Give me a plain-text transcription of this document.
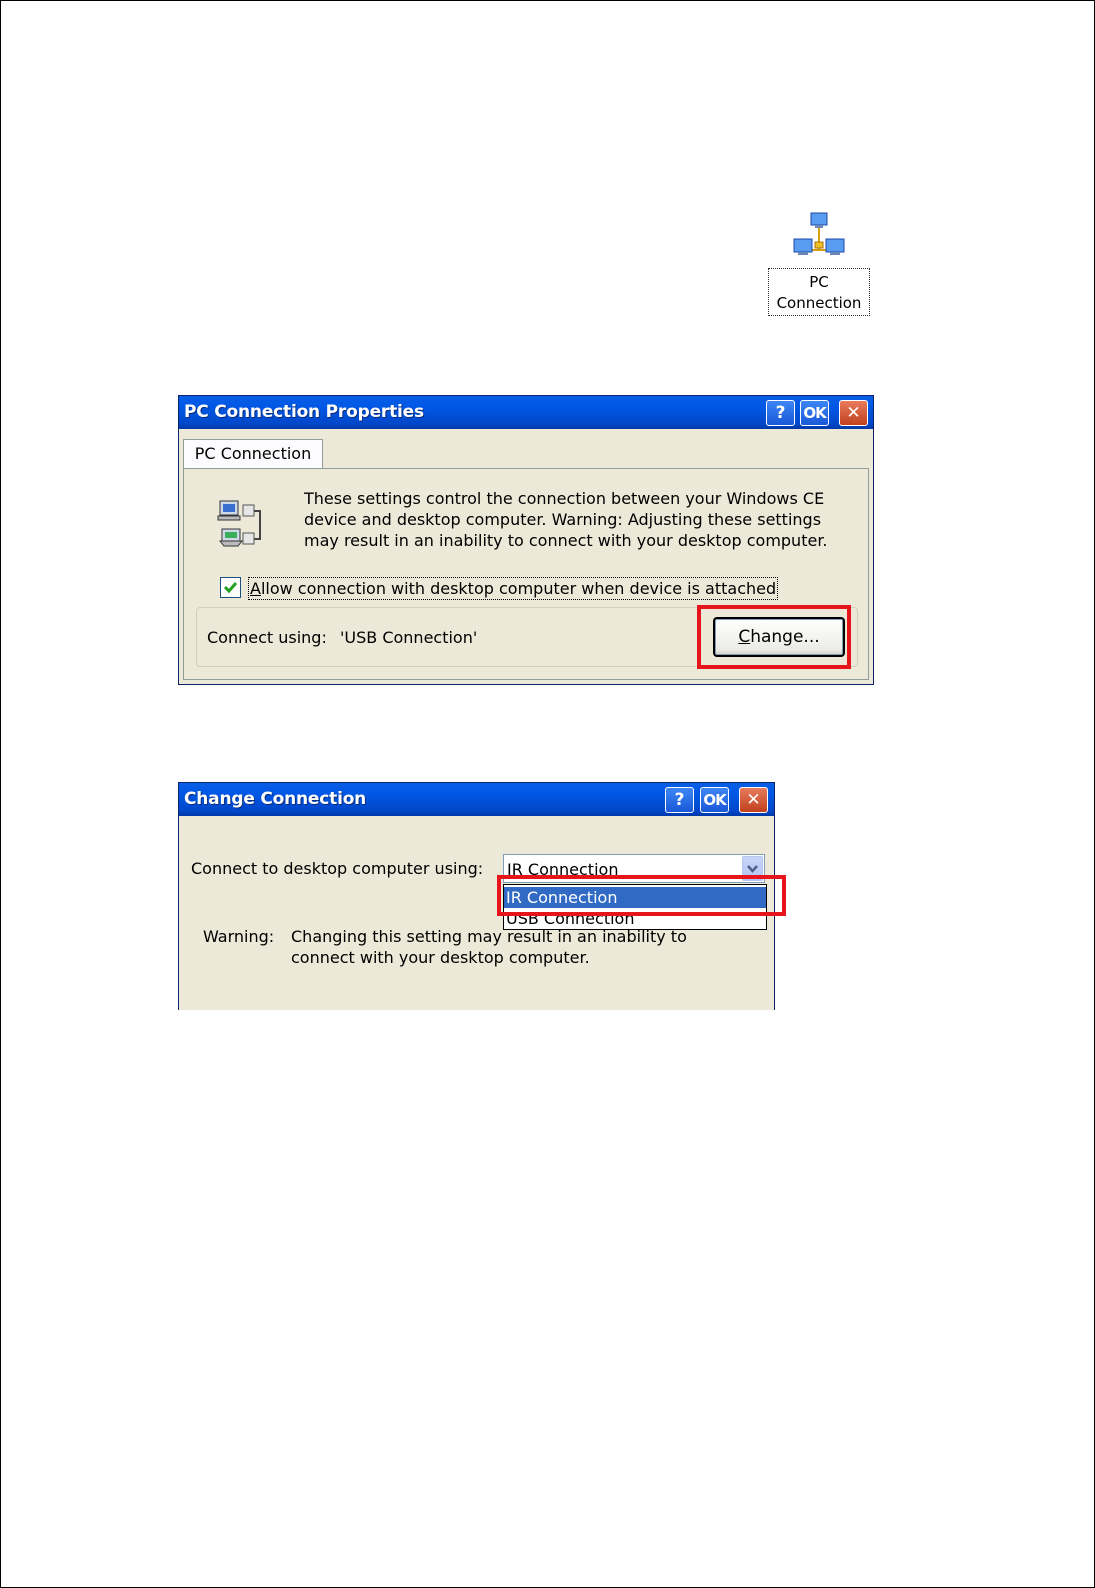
PC
Connection
PC Connection Properties	?	OK	✕
PC Connection
These settings control the connection between your Windows CE device and desktop computer. Warning: Adjusting these settings may result in an inability to connect with your desktop computer.
Allow connection with desktop computer when device is attached
Connect using: 'USB Connection'	Change...
Change Connection	?	OK	✕
Connect to desktop computer using: IR Connection
IR Connection
USB Connection
Warning: Changing this setting may result in an inability to connect with your desktop computer.
